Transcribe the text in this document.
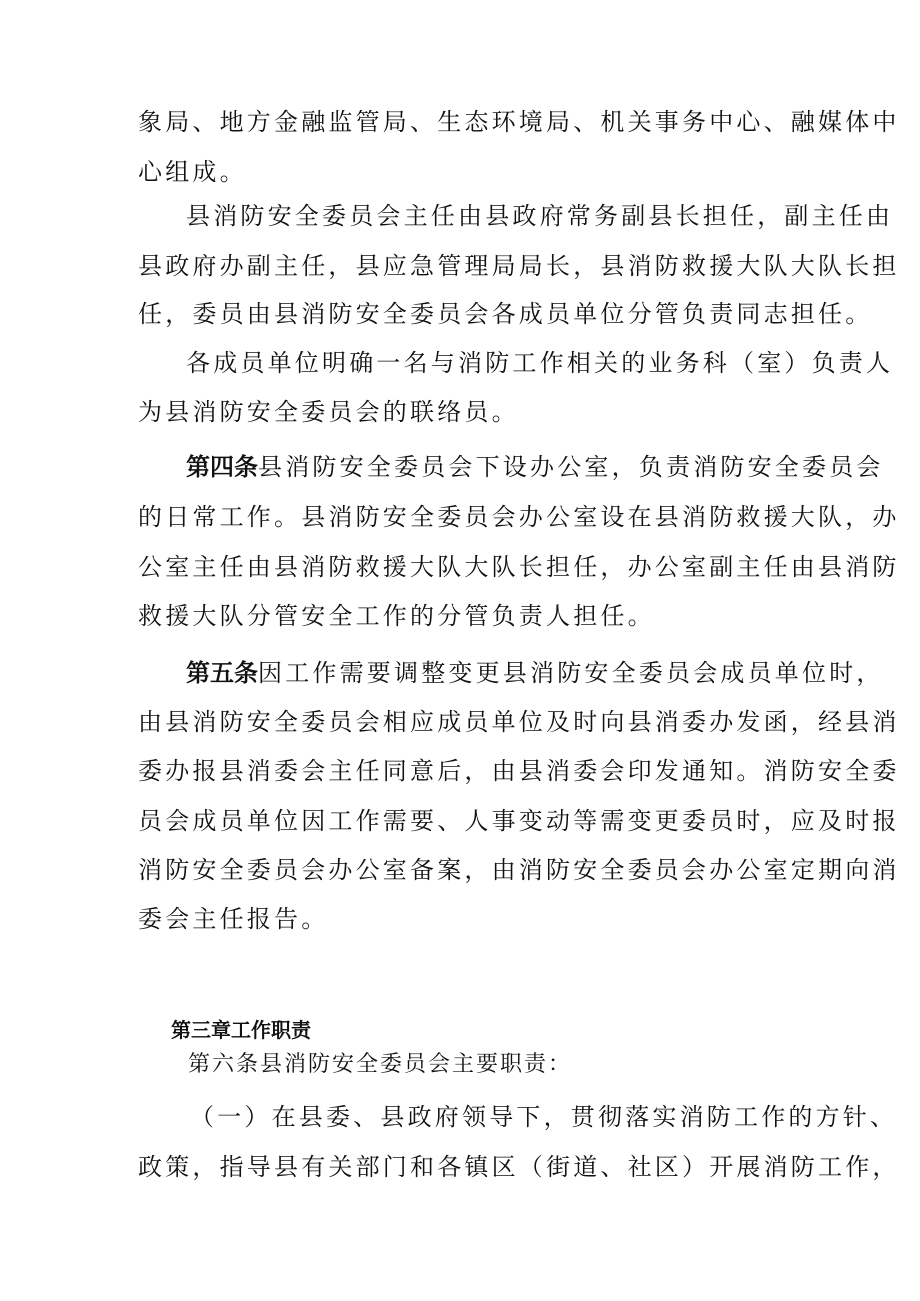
象局、地方金融监管局、生态环境局、机关事务中心、融媒体中
心组成。
县消防安全委员会主任由县政府常务副县长担任，副主任由
县政府办副主任，县应急管理局局长，县消防救援大队大队长担
任，委员由县消防安全委员会各成员单位分管负责同志担任。
各成员单位明确一名与消防工作相关的业务科（室）负责人
为县消防安全委员会的联络员。
第四条县消防安全委员会下设办公室，负责消防安全委员会
的日常工作。县消防安全委员会办公室设在县消防救援大队，办
公室主任由县消防救援大队大队长担任，办公室副主任由县消防
救援大队分管安全工作的分管负责人担任。
第五条因工作需要调整变更县消防安全委员会成员单位时，
由县消防安全委员会相应成员单位及时向县消委办发函，经县消
委办报县消委会主任同意后，由县消委会印发通知。消防安全委
员会成员单位因工作需要、人事变动等需变更委员时，应及时报
消防安全委员会办公室备案，由消防安全委员会办公室定期向消
委会主任报告。
第三章工作职责
第六条县消防安全委员会主要职责：
（一）在县委、县政府领导下，贯彻落实消防工作的方针、
政策，指导县有关部门和各镇区（街道、社区）开展消防工作，
